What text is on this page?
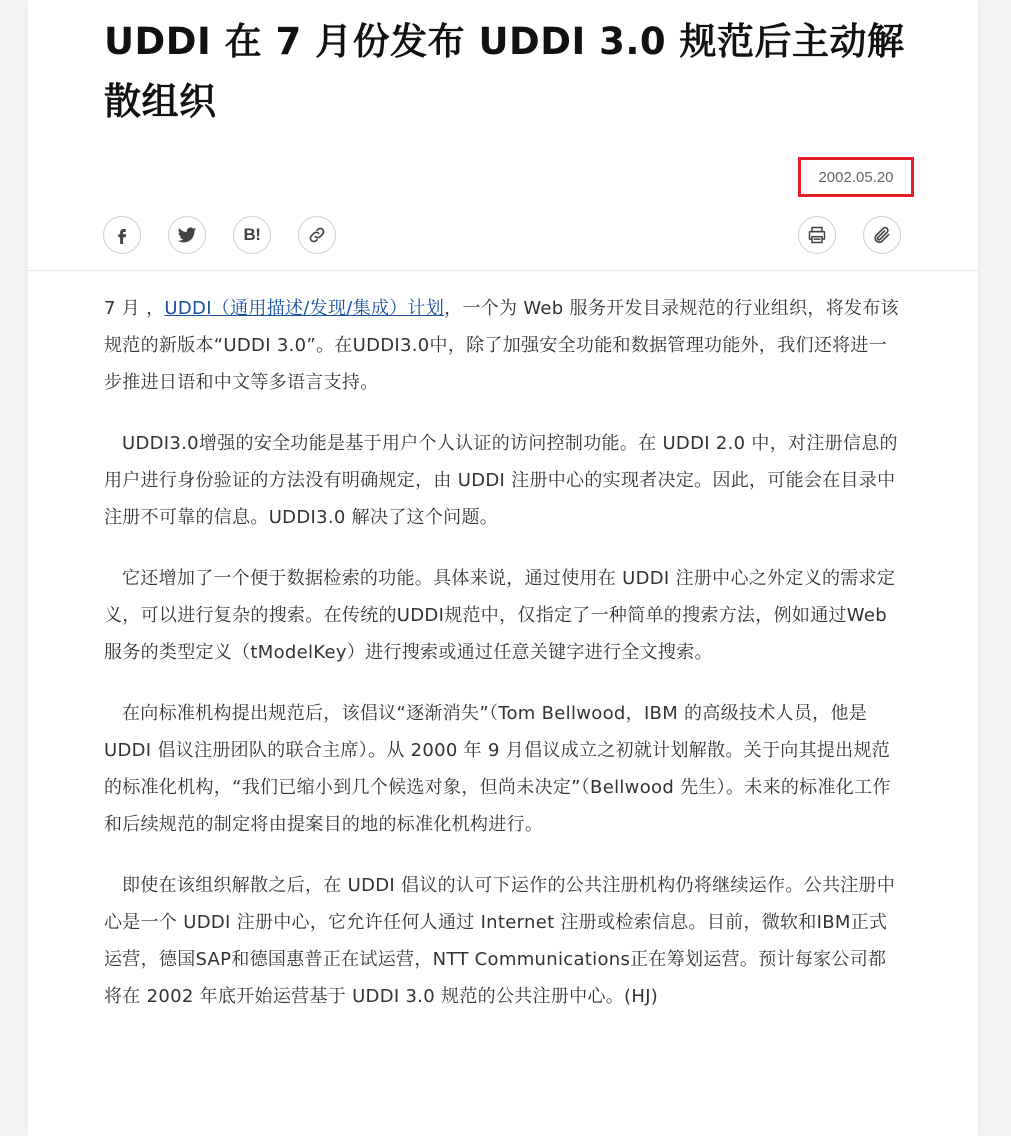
UDDI 在 7 月份发布 UDDI 3.0 规范后主动解散组织
2002.05.20
B!

7 月 ，UDDI（通用描述/发现/集成）计划，一个为 Web 服务开发目录规范的行业组织，将发布该规范的新版本“UDDI 3.0”。在UDDI3.0中，除了加强安全功能和数据管理功能外，我们还将进一步推进日语和中文等多语言支持。

UDDI3.0增强的安全功能是基于用户个人认证的访问控制功能。在 UDDI 2.0 中，对注册信息的用户进行身份验证的方法没有明确规定，由 UDDI 注册中心的实现者决定。因此，可能会在目录中注册不可靠的信息。UDDI3.0 解决了这个问题。

它还增加了一个便于数据检索的功能。具体来说，通过使用在 UDDI 注册中心之外定义的需求定义，可以进行复杂的搜索。在传统的UDDI规范中，仅指定了一种简单的搜索方法，例如通过Web服务的类型定义（tModelKey）进行搜索或通过任意关键字进行全文搜索。

在向标准机构提出规范后，该倡议“逐渐消失”（Tom Bellwood，IBM 的高级技术人员，他是 UDDI 倡议注册团队的联合主席）。从 2000 年 9 月倡议成立之初就计划解散。关于向其提出规范的标准化机构，“我们已缩小到几个候选对象，但尚未决定”（Bellwood 先生）。未来的标准化工作和后续规范的制定将由提案目的地的标准化机构进行。

即使在该组织解散之后，在 UDDI 倡议的认可下运作的公共注册机构仍将继续运作。公共注册中心是一个 UDDI 注册中心，它允许任何人通过 Internet 注册或检索信息。目前，微软和IBM正式运营，德国SAP和德国惠普正在试运营，NTT Communications正在筹划运营。预计每家公司都将在 2002 年底开始运营基于 UDDI 3.0 规范的公共注册中心。(HJ)
